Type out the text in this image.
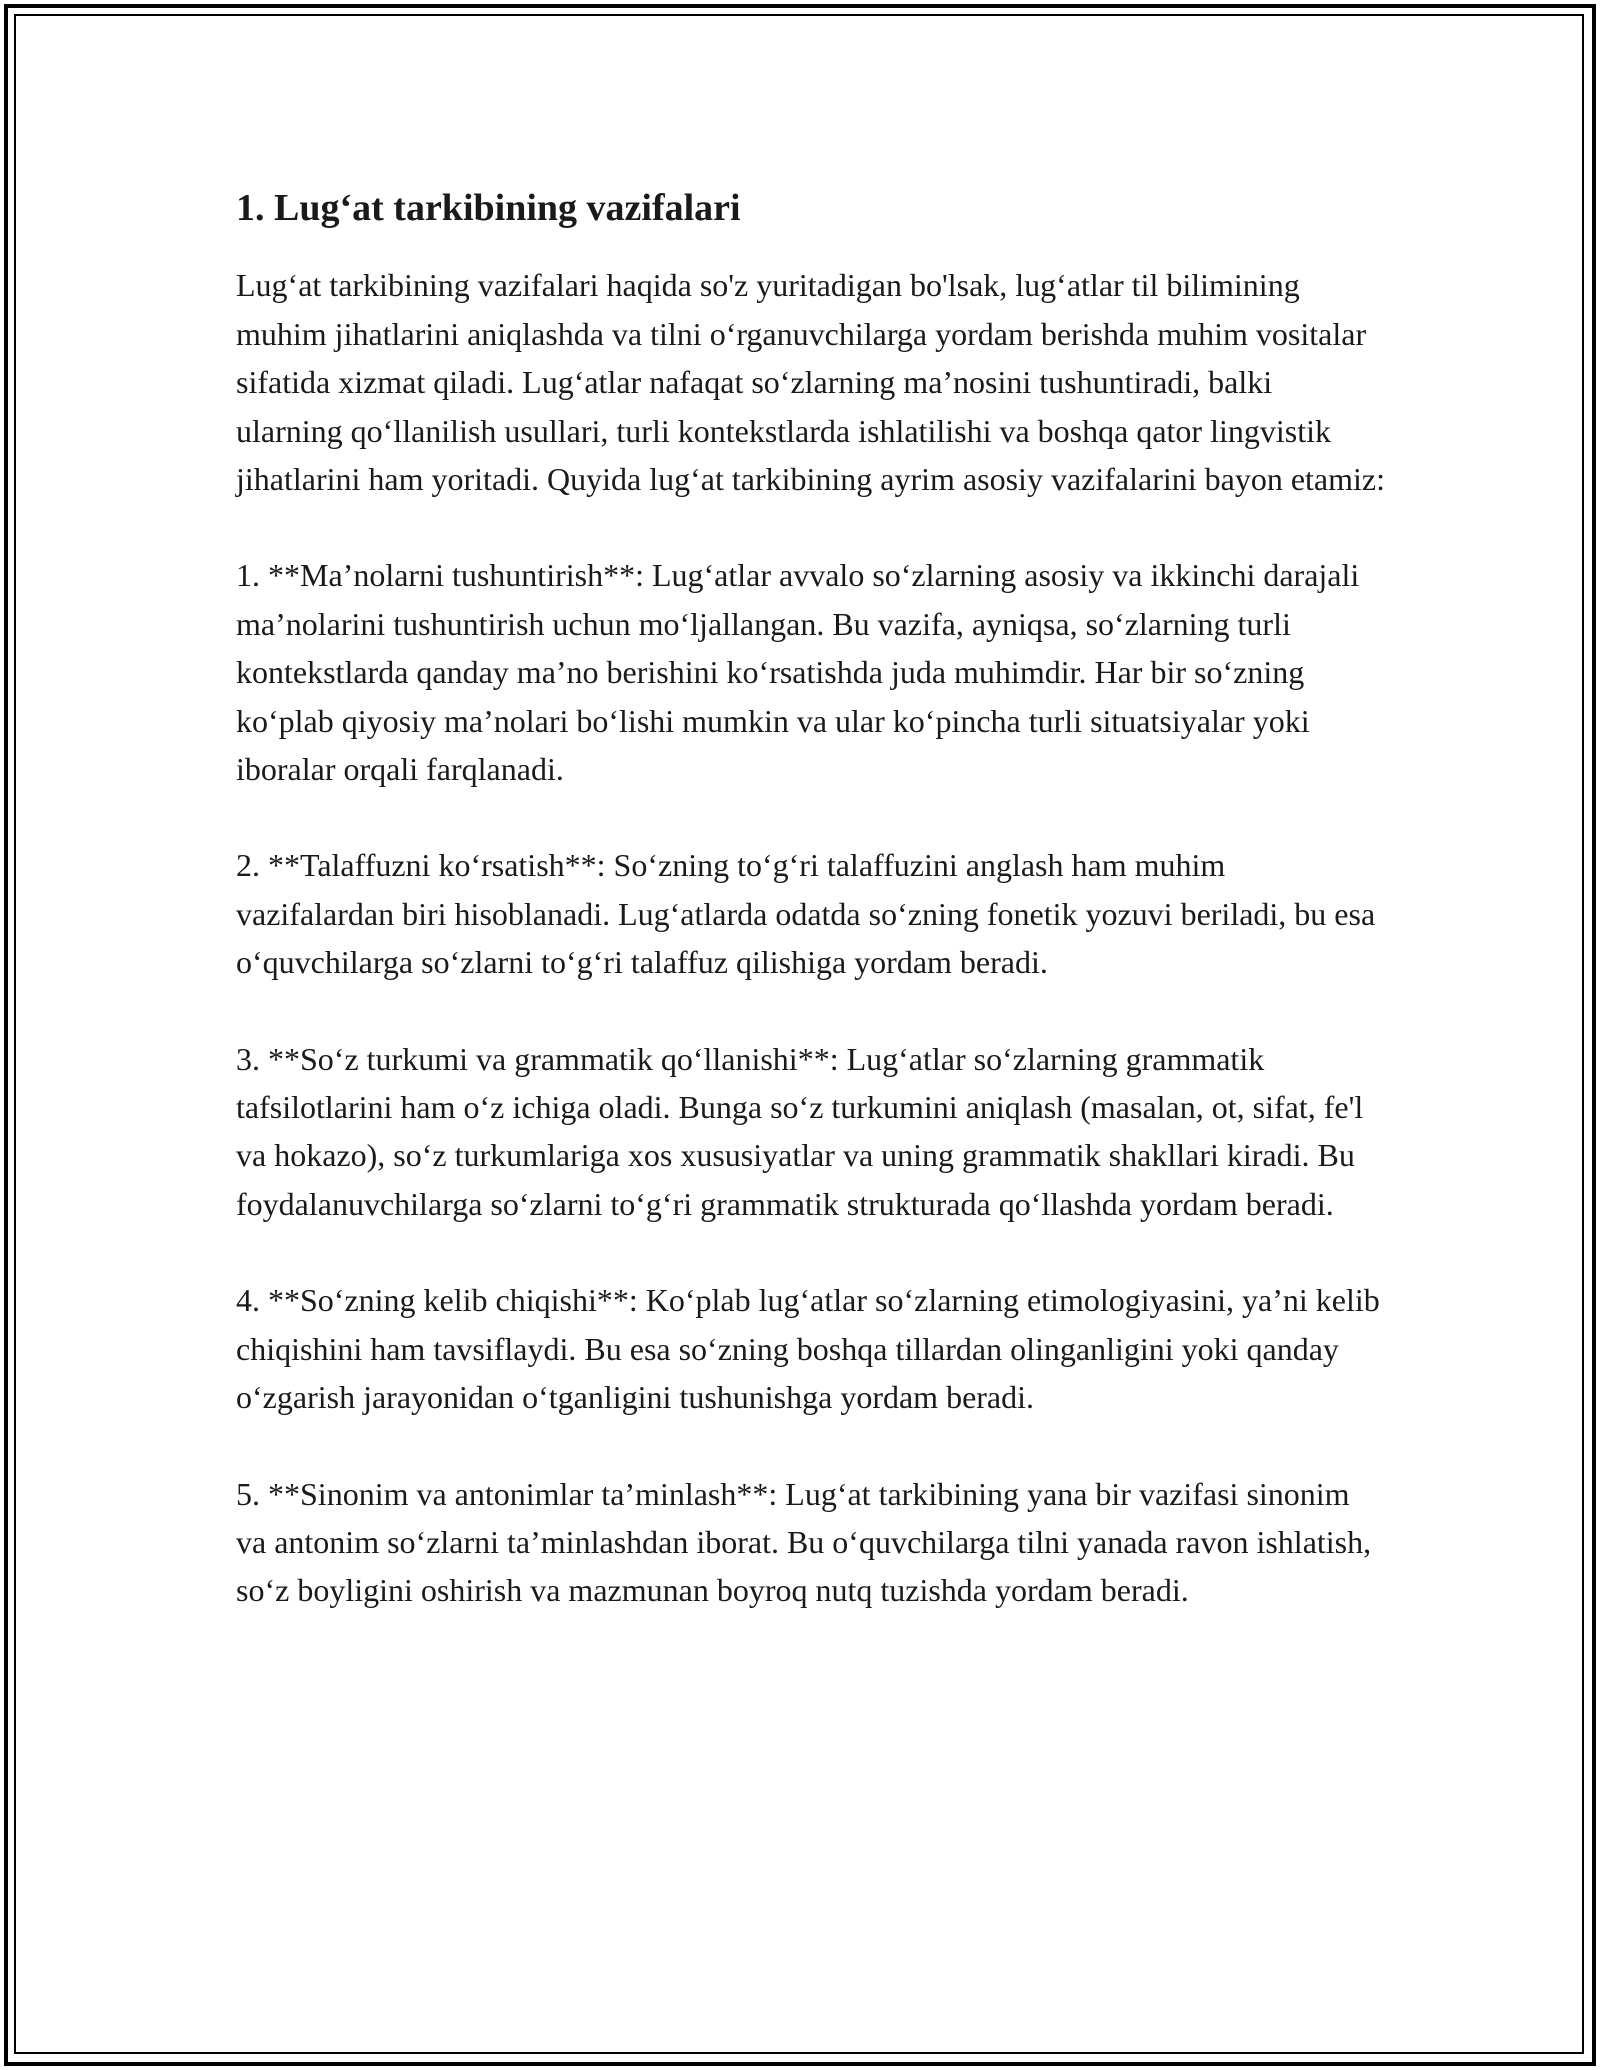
1. Lug‘at tarkibining vazifalari

Lug‘at tarkibining vazifalari haqida so'z yuritadigan bo'lsak, lug‘atlar til bilimining muhim jihatlarini aniqlashda va tilni o‘rganuvchilarga yordam berishda muhim vositalar sifatida xizmat qiladi. Lug‘atlar nafaqat so‘zlarning ma’nosini tushuntiradi, balki ularning qo‘llanilish usullari, turli kontekstlarda ishlatilishi va boshqa qator lingvistik jihatlarini ham yoritadi. Quyida lug‘at tarkibining ayrim asosiy vazifalarini bayon etamiz:

1. **Ma’nolarni tushuntirish**: Lug‘atlar avvalo so‘zlarning asosiy va ikkinchi darajali ma’nolarini tushuntirish uchun mo‘ljallangan. Bu vazifa, ayniqsa, so‘zlarning turli kontekstlarda qanday ma’no berishini ko‘rsatishda juda muhimdir. Har bir so‘zning ko‘plab qiyosiy ma’nolari bo‘lishi mumkin va ular ko‘pincha turli situatsiyalar yoki iboralar orqali farqlanadi.

2. **Talaffuzni ko‘rsatish**: So‘zning to‘g‘ri talaffuzini anglash ham muhim vazifalardan biri hisoblanadi. Lug‘atlarda odatda so‘zning fonetik yozuvi beriladi, bu esa o‘quvchilarga so‘zlarni to‘g‘ri talaffuz qilishiga yordam beradi.

3. **So‘z turkumi va grammatik qo‘llanishi**: Lug‘atlar so‘zlarning grammatik tafsilotlarini ham o‘z ichiga oladi. Bunga so‘z turkumini aniqlash (masalan, ot, sifat, fe'l va hokazo), so‘z turkumlariga xos xususiyatlar va uning grammatik shakllari kiradi. Bu foydalanuvchilarga so‘zlarni to‘g‘ri grammatik strukturada qo‘llashda yordam beradi.

4. **So‘zning kelib chiqishi**: Ko‘plab lug‘atlar so‘zlarning etimologiyasini, ya’ni kelib chiqishini ham tavsiflaydi. Bu esa so‘zning boshqa tillardan olinganligini yoki qanday o‘zgarish jarayonidan o‘tganligini tushunishga yordam beradi.

5. **Sinonim va antonimlar ta’minlash**: Lug‘at tarkibining yana bir vazifasi sinonim va antonim so‘zlarni ta’minlashdan iborat. Bu o‘quvchilarga tilni yanada ravon ishlatish, so‘z boyligini oshirish va mazmunan boyroq nutq tuzishda yordam beradi.
